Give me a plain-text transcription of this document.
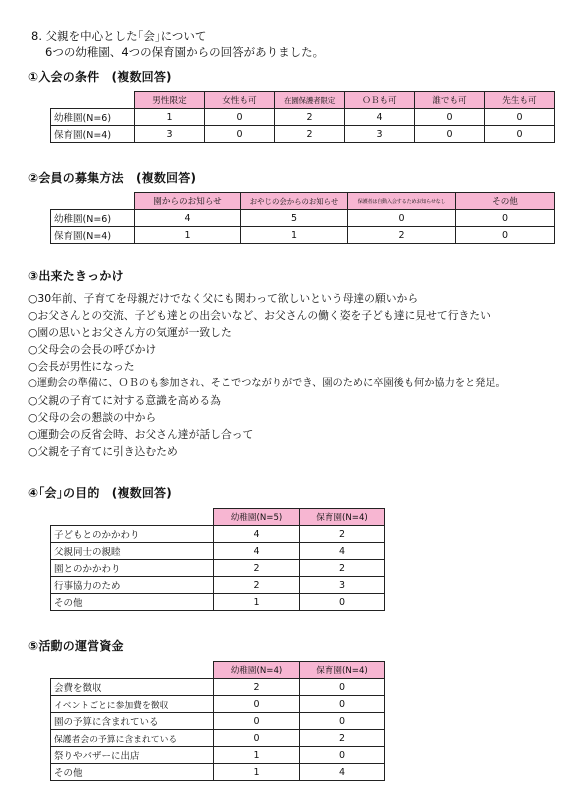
8. 父親を中心とした｢会｣について
6つの幼稚園、4つの保育園からの回答がありました。
①入会の条件　(複数回答)
	男性限定	女性も可	在園保護者限定	ＯＢも可	誰でも可	先生も可
幼稚園(N=6)	1	0	2	4	0	0
保育園(N=4)	3	0	2	3	0	0
②会員の募集方法　(複数回答)
	園からのお知らせ	おやじの会からのお知らせ	保護者は自動入会するためお知らせなし	その他
幼稚園(N=6)	4	5	0	0
保育園(N=4)	1	1	2	0
③出来たきっかけ
○30年前、子育てを母親だけでなく父にも関わって欲しいという母達の願いから
○お父さんとの交流、子ども達との出会いなど、お父さんの働く姿を子ども達に見せて行きたい
○園の思いとお父さん方の気運が一致した
○父母会の会長の呼びかけ
○会長が男性になった
○運動会の準備に、ＯＢのも参加され、そこでつながりができ、園のために卒園後も何か協力をと発足。
○父親の子育てに対する意識を高める為
○父母の会の懇談の中から
○運動会の反省会時、お父さん達が話し合って
○父親を子育てに引き込むため
④｢会｣の目的　(複数回答)
	幼稚園(N=5)	保育園(N=4)
子どもとのかかわり	4	2
父親同士の親睦	4	4
園とのかかわり	2	2
行事協力のため	2	3
その他	1	0
⑤活動の運営資金
	幼稚園(N=4)	保育園(N=4)
会費を徴収	2	0
イベントごとに参加費を徴収	0	0
園の予算に含まれている	0	0
保護者会の予算に含まれている	0	2
祭りやバザーに出店	1	0
その他	1	4
